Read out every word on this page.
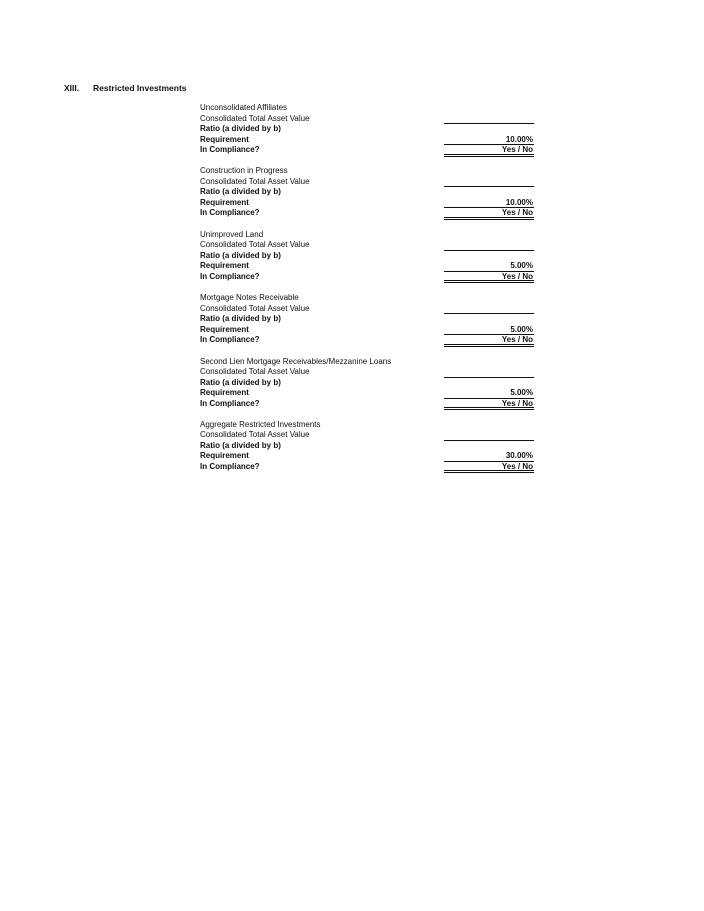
XIII. Restricted Investments
Unconsolidated Affiliates
Consolidated Total Asset Value
Ratio (a divided by b)
Requirement	10.00%
In Compliance?	Yes / No
Construction in Progress
Consolidated Total Asset Value
Ratio (a divided by b)
Requirement	10.00%
In Compliance?	Yes / No
Unimproved Land
Consolidated Total Asset Value
Ratio (a divided by b)
Requirement	5.00%
In Compliance?	Yes / No
Mortgage Notes Receivable
Consolidated Total Asset Value
Ratio (a divided by b)
Requirement	5.00%
In Compliance?	Yes / No
Second Lien Mortgage Receivables/Mezzanine Loans
Consolidated Total Asset Value
Ratio (a divided by b)
Requirement	5.00%
In Compliance?	Yes / No
Aggregate Restricted Investments
Consolidated Total Asset Value
Ratio (a divided by b)
Requirement	30.00%
In Compliance?	Yes / No
